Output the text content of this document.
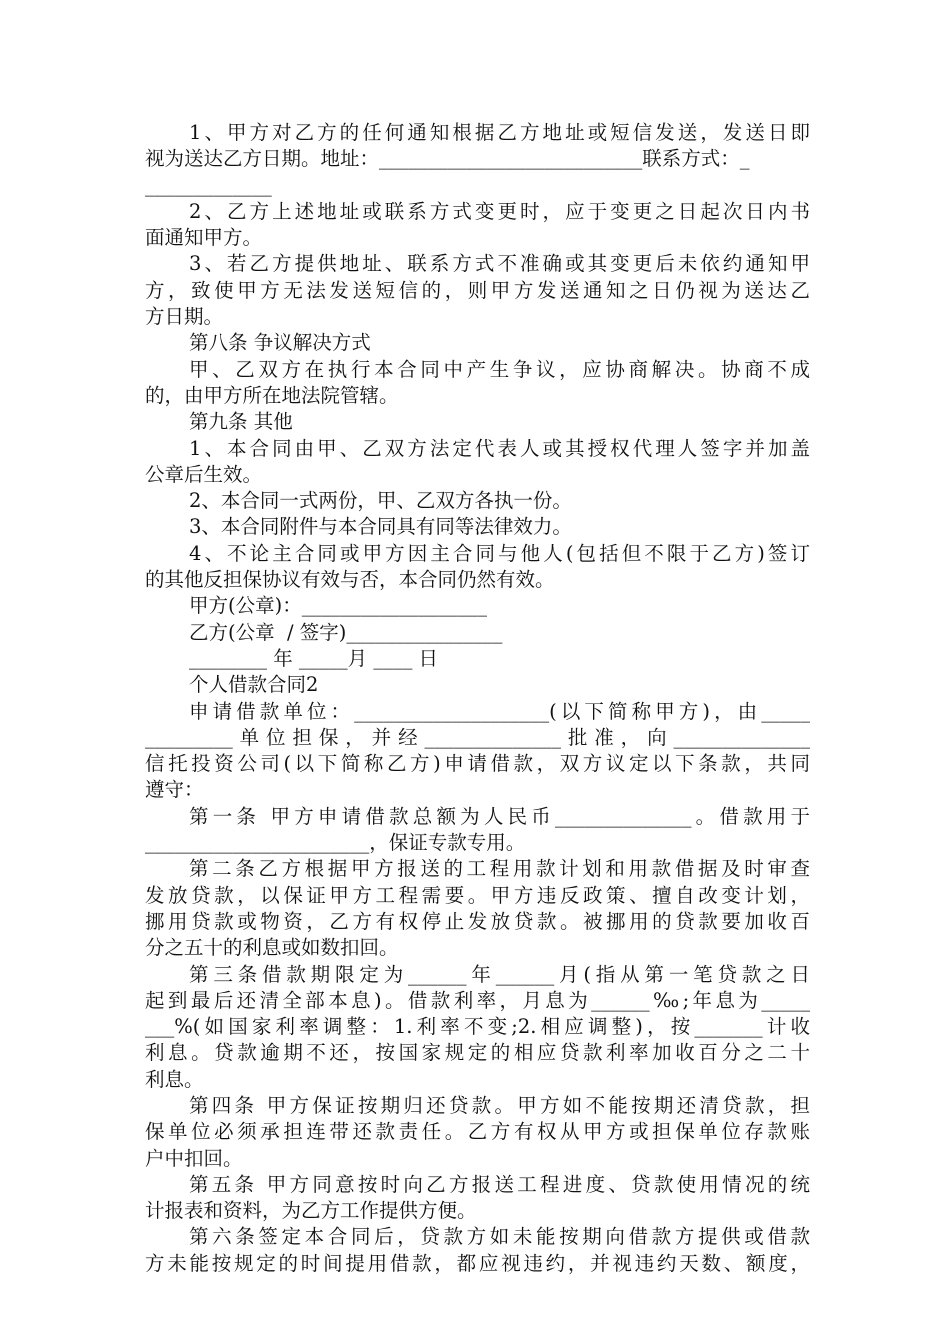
1、甲方对乙方的任何通知根据乙方地址或短信发送，发送日即
视为送达乙方日期。地址：___________________________联系方式：_
_____________
2、乙方上述地址或联系方式变更时，应于变更之日起次日内书
面通知甲方。
3、若乙方提供地址、联系方式不准确或其变更后未依约通知甲
方，致使甲方无法发送短信的，则甲方发送通知之日仍视为送达乙
方日期。
第八条 争议解决方式
甲、乙双方在执行本合同中产生争议，应协商解决。协商不成
的，由甲方所在地法院管辖。
第九条 其他
1、本合同由甲、乙双方法定代表人或其授权代理人签字并加盖
公章后生效。
2、本合同一式两份，甲、乙双方各执一份。
3、本合同附件与本合同具有同等法律效力。
4、不论主合同或甲方因主合同与他人(包括但不限于乙方)签订
的其他反担保协议有效与否，本合同仍然有效。
甲方(公章)：___________________
乙方(公章  / 签字)________________
________ 年 _____月 ____ 日
个人借款合同2
申请借款单位：____________________(以下简称甲方)，由_____
_________单位担保，并经______________批准，向______________
信托投资公司(以下简称乙方)申请借款，双方议定以下条款，共同
遵守：
第一条 甲方申请借款总额为人民币______________。借款用于
_______________________，保证专款专用。
第二条乙方根据甲方报送的工程用款计划和用款借据及时审查
发放贷款，以保证甲方工程需要。甲方违反政策、擅自改变计划，
挪用贷款或物资，乙方有权停止发放贷款。被挪用的贷款要加收百
分之五十的利息或如数扣回。
第三条借款期限定为______年______月(指从第一笔贷款之日
起到最后还清全部本息)。借款利率，月息为______‰;年息为_____
___%(如国家利率调整：1.利率不变;2.相应调整)，按_______计收
利息。贷款逾期不还，按国家规定的相应贷款利率加收百分之二十
利息。
第四条 甲方保证按期归还贷款。甲方如不能按期还清贷款，担
保单位必须承担连带还款责任。乙方有权从甲方或担保单位存款账
户中扣回。
第五条 甲方同意按时向乙方报送工程进度、贷款使用情况的统
计报表和资料，为乙方工作提供方便。
第六条签定本合同后，贷款方如未能按期向借款方提供或借款
方未能按规定的时间提用借款，都应视违约，并视违约天数、额度，
